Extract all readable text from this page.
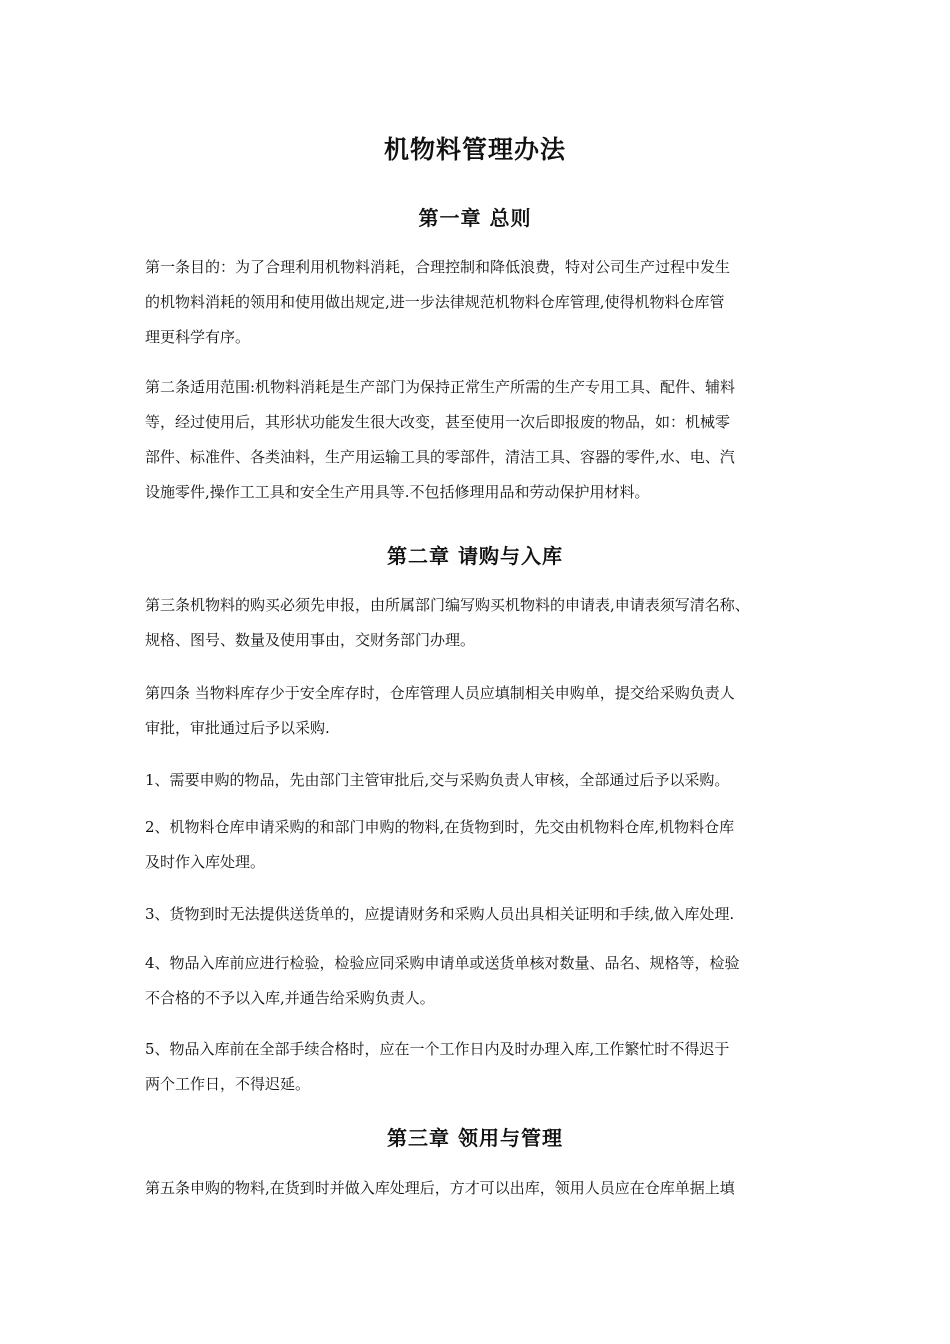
机物料管理办法
第一章 总则
第一条目的：为了合理利用机物料消耗，合理控制和降低浪费，特对公司生产过程中发生
的机物料消耗的领用和使用做出规定,进一步法律规范机物料仓库管理,使得机物料仓库管
理更科学有序。
第二条适用范围:机物料消耗是生产部门为保持正常生产所需的生产专用工具、配件、辅料
等，经过使用后，其形状功能发生很大改变，甚至使用一次后即报废的物品，如：机械零
部件、标准件、各类油料，生产用运输工具的零部件，清洁工具、容器的零件,水、电、汽
设施零件,操作工工具和安全生产用具等.不包括修理用品和劳动保护用材料。
第二章 请购与入库
第三条机物料的购买必须先申报，由所属部门编写购买机物料的申请表,申请表须写清名称、
规格、图号、数量及使用事由，交财务部门办理。
第四条 当物料库存少于安全库存时，仓库管理人员应填制相关申购单，提交给采购负责人
审批，审批通过后予以采购.
1、需要申购的物品，先由部门主管审批后,交与采购负责人审核，全部通过后予以采购。
2、机物料仓库申请采购的和部门申购的物料,在货物到时，先交由机物料仓库,机物料仓库
及时作入库处理。
3、货物到时无法提供送货单的，应提请财务和采购人员出具相关证明和手续,做入库处理.
4、物品入库前应进行检验，检验应同采购申请单或送货单核对数量、品名、规格等，检验
不合格的不予以入库,并通告给采购负责人。
5、物品入库前在全部手续合格时，应在一个工作日内及时办理入库,工作繁忙时不得迟于
两个工作日，不得迟延。
第三章 领用与管理
第五条申购的物料,在货到时并做入库处理后，方才可以出库，领用人员应在仓库单据上填
